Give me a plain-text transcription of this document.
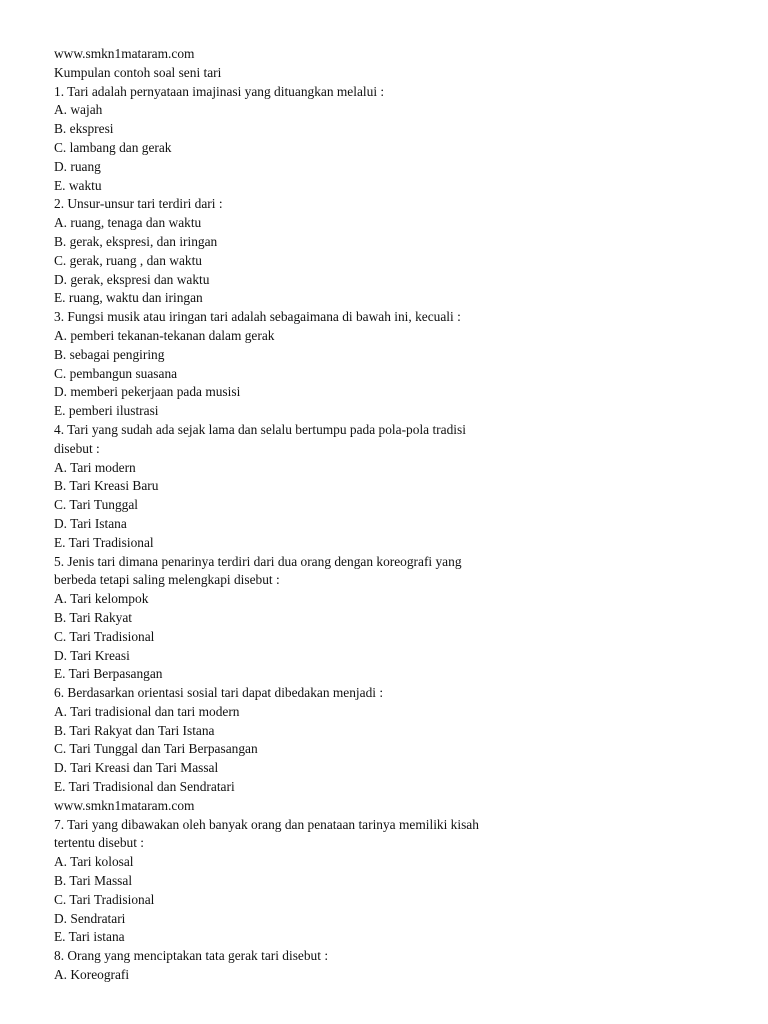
www.smkn1mataram.com
Kumpulan contoh soal seni tari
1. Tari adalah pernyataan imajinasi yang dituangkan melalui :
A. wajah
B. ekspresi
C. lambang dan gerak
D. ruang
E. waktu
2. Unsur-unsur tari terdiri dari :
A. ruang, tenaga dan waktu
B. gerak, ekspresi, dan iringan
C. gerak, ruang , dan waktu
D. gerak, ekspresi dan waktu
E. ruang, waktu dan iringan
3. Fungsi musik atau iringan tari adalah sebagaimana di bawah ini, kecuali :
A. pemberi tekanan-tekanan dalam gerak
B. sebagai pengiring
C. pembangun suasana
D. memberi pekerjaan pada musisi
E. pemberi ilustrasi
4. Tari yang sudah ada sejak lama dan selalu bertumpu pada pola-pola tradisi
disebut :
A. Tari modern
B. Tari Kreasi Baru
C. Tari Tunggal
D. Tari Istana
E. Tari Tradisional
5. Jenis tari dimana penarinya terdiri dari dua orang dengan koreografi yang
berbeda tetapi saling melengkapi disebut :
A. Tari kelompok
B. Tari Rakyat
C. Tari Tradisional
D. Tari Kreasi
E. Tari Berpasangan
6. Berdasarkan orientasi sosial tari dapat dibedakan menjadi :
A. Tari tradisional dan tari modern
B. Tari Rakyat dan Tari Istana
C. Tari Tunggal dan Tari Berpasangan
D. Tari Kreasi dan Tari Massal
E. Tari Tradisional dan Sendratari
www.smkn1mataram.com
7. Tari yang dibawakan oleh banyak orang dan penataan tarinya memiliki kisah
tertentu disebut :
A. Tari kolosal
B. Tari Massal
C. Tari Tradisional
D. Sendratari
E. Tari istana
8. Orang yang menciptakan tata gerak tari disebut :
A. Koreografi
